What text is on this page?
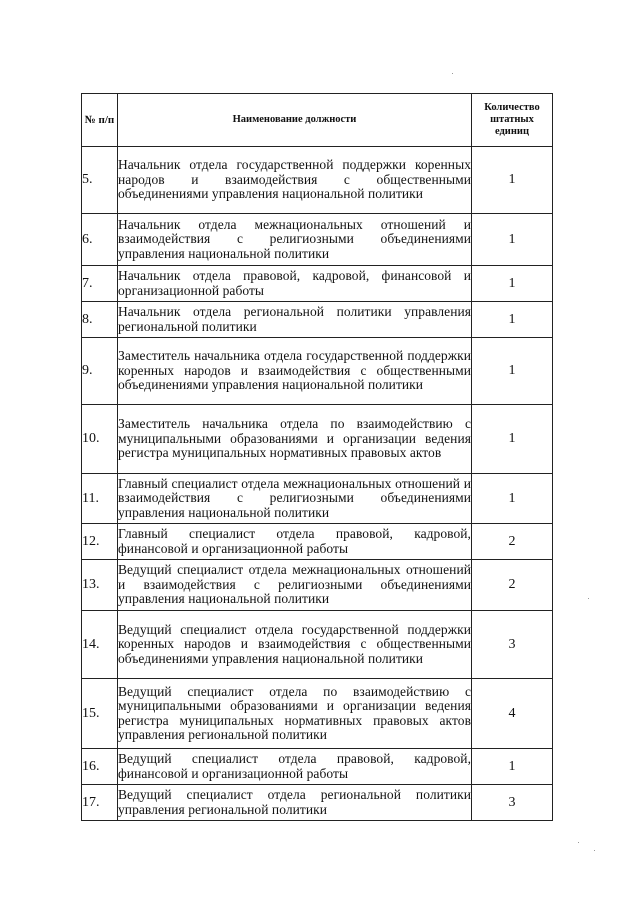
№ п/п	Наименование должности	Количество штатных единиц

5.	Начальник отдела государственной поддержки коренных народов и взаимодействия с общественными объединениями управления национальной политики	1
6.	Начальник отдела межнациональных отношений и взаимодействия с религиозными объединениями управления национальной политики	1
7.	Начальник отдела правовой, кадровой, финансовой и организационной работы	1
8.	Начальник отдела региональной политики управления региональной политики	1
9.	Заместитель начальника отдела государственной поддержки коренных народов и взаимодействия с общественными объединениями управления национальной политики	1
10.	Заместитель начальника отдела по взаимодействию с муниципальными образованиями и организации ведения регистра муниципальных нормативных правовых актов	1
11.	Главный специалист отдела межнациональных отношений и взаимодействия с религиозными объединениями управления национальной политики	1
12.	Главный специалист отдела правовой, кадровой, финансовой и организационной работы	2
13.	Ведущий специалист отдела межнациональных отношений и взаимодействия с религиозными объединениями управления национальной политики	2
14.	Ведущий специалист отдела государственной поддержки коренных народов и взаимодействия с общественными объединениями управления национальной политики	3
15.	Ведущий специалист отдела по взаимодействию с муниципальными образованиями и организации ведения регистра муниципальных нормативных правовых актов управления региональной политики	4
16.	Ведущий специалист отдела правовой, кадровой, финансовой и организационной работы	1
17.	Ведущий специалист отдела региональной политики управления региональной политики	3
